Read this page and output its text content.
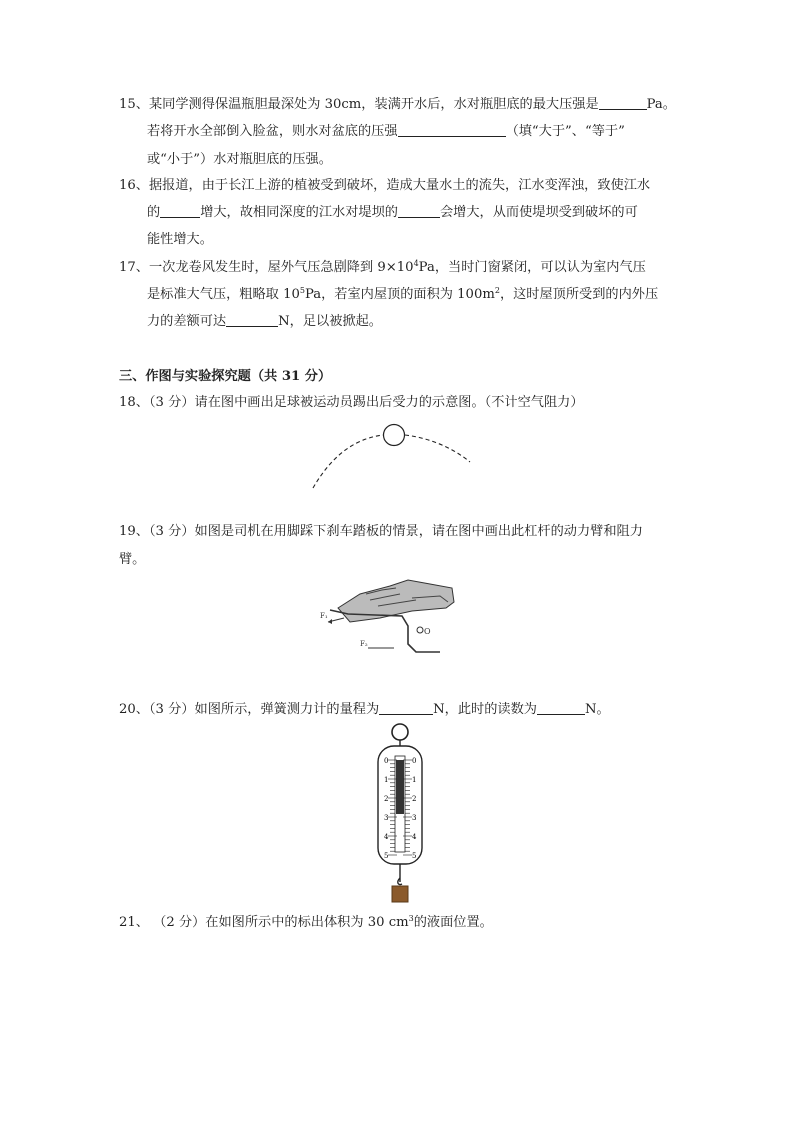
15、某同学测得保温瓶胆最深处为 30cm，装满开水后，水对瓶胆底的最大压强是	Pa。
若将开水全部倒入脸盆，则水对盆底的压强	（填“大于”、“等于”
或“小于”）水对瓶胆底的压强。
16、据报道，由于长江上游的植被受到破坏，造成大量水土的流失，江水变浑浊，致使江水
的	增大，故相同深度的江水对堤坝的	会增大，从而使堤坝受到破坏的可
能性增大。
17、一次龙卷风发生时，屋外气压急剧降到 $9\times 10^4Pa$，当时门窗紧闭，可以认为室内气压
是标准大气压，粗略取 $10^5Pa$，若室内屋顶的面积为 $100m^2$，这时屋顶所受到的内外压
力的差额可达	N，足以被掀起。
三、作图与实验探究题（共 31 分）
18、（3 分）请在图中画出足球被运动员踢出后受力的示意图。（不计空气阻力）
19、（3 分）如图是司机在用脚踩下刹车踏板的情景，请在图中画出此杠杆的动力臂和阻力
臂。
F₁
F₂
O
20、（3 分）如图所示，弹簧测力计的量程为	N，此时的读数为	N。
0
1
2
3
4
5
0
1
2
3
4
5
21、 （2 分）在如图所示中的标出体积为 30 $cm^3$的液面位置。
